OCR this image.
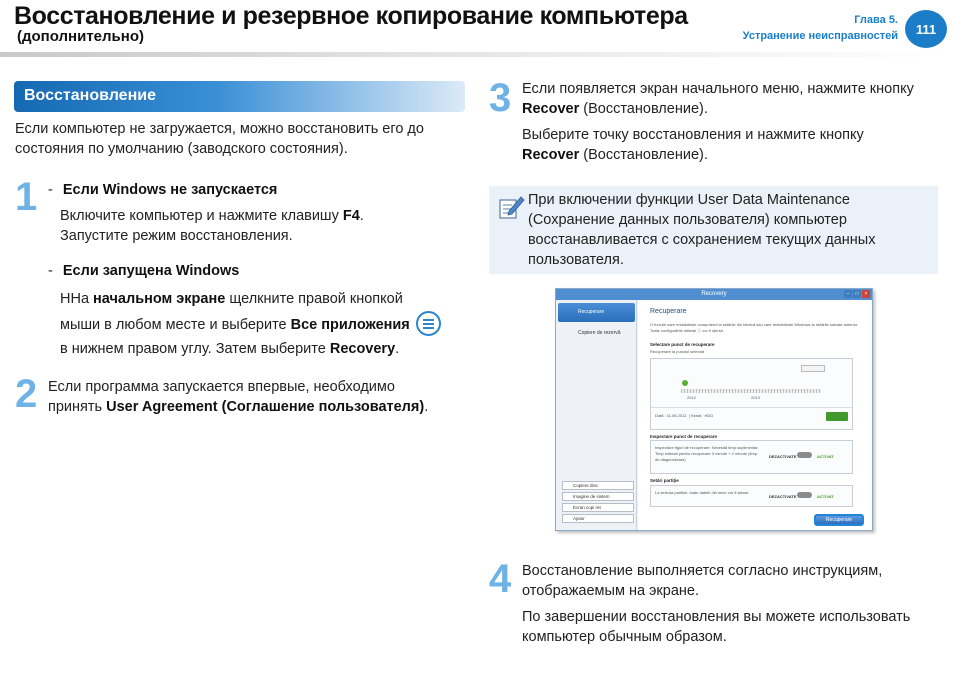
Восстановление и резервное копирование компьютера
(дополнительно)
Глава 5.
Устранение неисправностей	111
Восстановление
Если компьютер не загружается, можно восстановить его до
состояния по умолчанию (заводского состояния).
1 - Если Windows не запускается
Включите компьютер и нажмите клавишу F4.
Запустите режим восстановления.
- Если запущена Windows
ННа начальном экране щелкните правой кнопкой
мыши в любом месте и выберите Все приложения
в нижнем правом углу. Затем выберите Recovery.
2 Если программа запускается впервые, необходимо
принять User Agreement (Соглашение пользователя).
3 Если появляется экран начального меню, нажмите кнопку
Recover (Восстановление).
Выберите точку восстановления и нажмите кнопку
Recover (Восстановление).
При включении функции User Data Maintenance
(Сохранение данных пользователя) компьютер
восстанавливается с сохранением текущих данных
пользователя.
Recovery	–	□	×
Recuperare
Copiere de rezervă
Copiere disc
Imagine de sistem
Ecran copi ret
Ajutor
Recuperare
O funcție care restabilește computerul la setările din fabrică sau care restabilește Windows la setările salvate anterior.
Toate configurările utilizați ⓘ vor fi șterse.
Selectare punct de recuperare
Recuperare la punctul selectat
2012	2013
Dată : 11.08.2012  | Serial : HDD
Inspectare punct de recuperare
Inspectare figuri de recuperare: Necesită timp suplimentar.
Timp estimat pentru recuperare 3 minute + 2 minute (timp de diagnosticare)
DEZACTIVATE	ACTIVAT
Setări partiție
La selecta partiției, toate datele din mine vor fi șterse.
DEZACTIVATE	ACTIVAT
Recuperare
4 Восстановление выполняется согласно инструкциям,
отображаемым на экране.
По завершении восстановления вы можете использовать
компьютер обычным образом.
